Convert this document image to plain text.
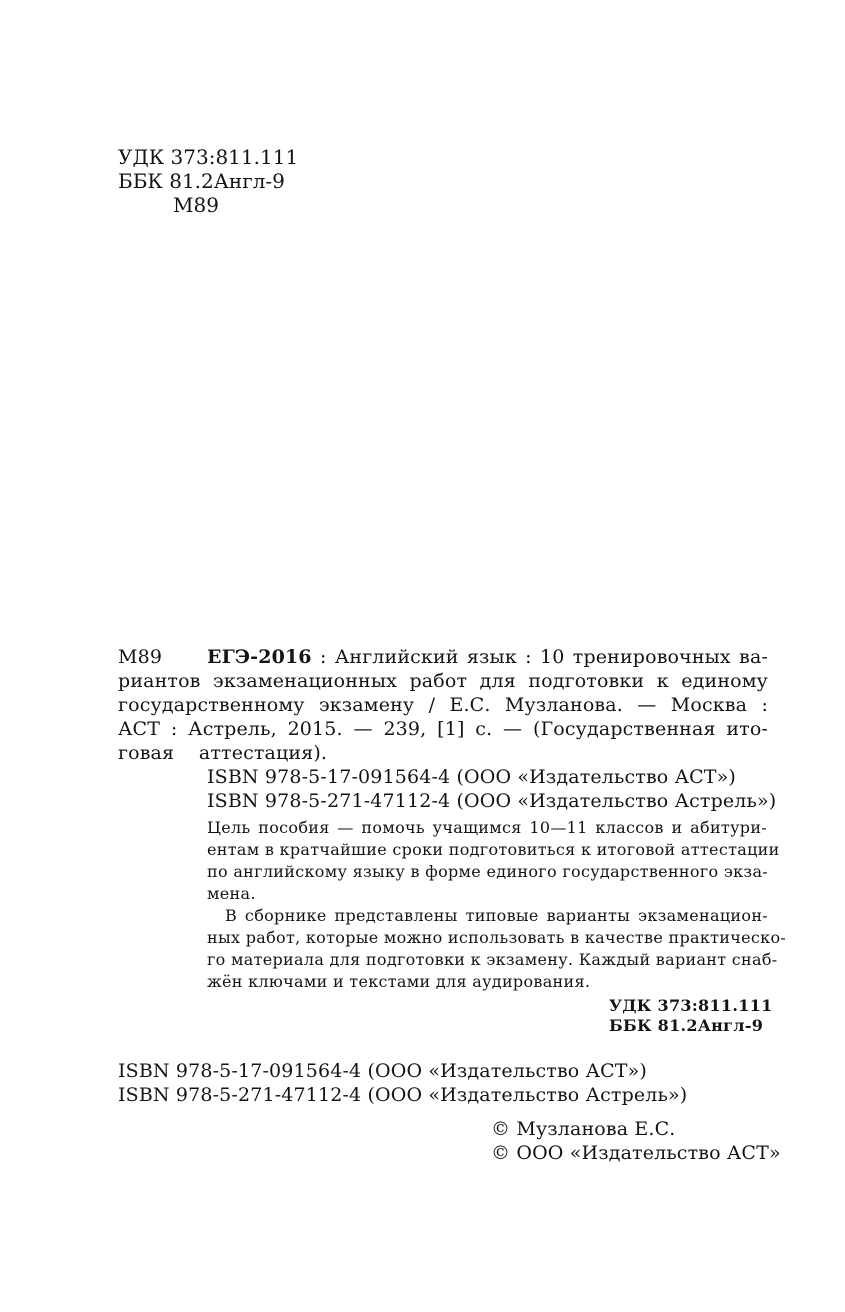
УДК 373:811.111
ББК 81.2Англ-9
М89
М89 ЕГЭ-2016 : Английский язык : 10 тренировочных ва-
риантов экзаменационных работ для подготовки к единому
государственному экзамену / Е.С. Музланова. — Москва :
АСТ : Астрель, 2015. — 239, [1] с. — (Государственная ито-
говая    аттестация).
ISBN 978-5-17-091564-4 (ООО «Издательство АСТ»)
ISBN 978-5-271-47112-4 (ООО «Издательство Астрель»)
Цель пособия — помочь учащимся 10—11 классов и абитури-
ентам в кратчайшие сроки подготовиться к итоговой аттестации
по английскому языку в форме единого государственного экза-
мена.
В сборнике представлены типовые варианты экзаменацион-
ных работ, которые можно использовать в качестве практическо-
го материала для подготовки к экзамену. Каждый вариант снаб-
жён ключами и текстами для аудирования.
УДК 373:811.111
ББК 81.2Англ-9
ISBN 978-5-17-091564-4 (ООО «Издательство АСТ»)
ISBN 978-5-271-47112-4 (ООО «Издательство Астрель»)
© Музланова Е.С.
© ООО «Издательство АСТ»
